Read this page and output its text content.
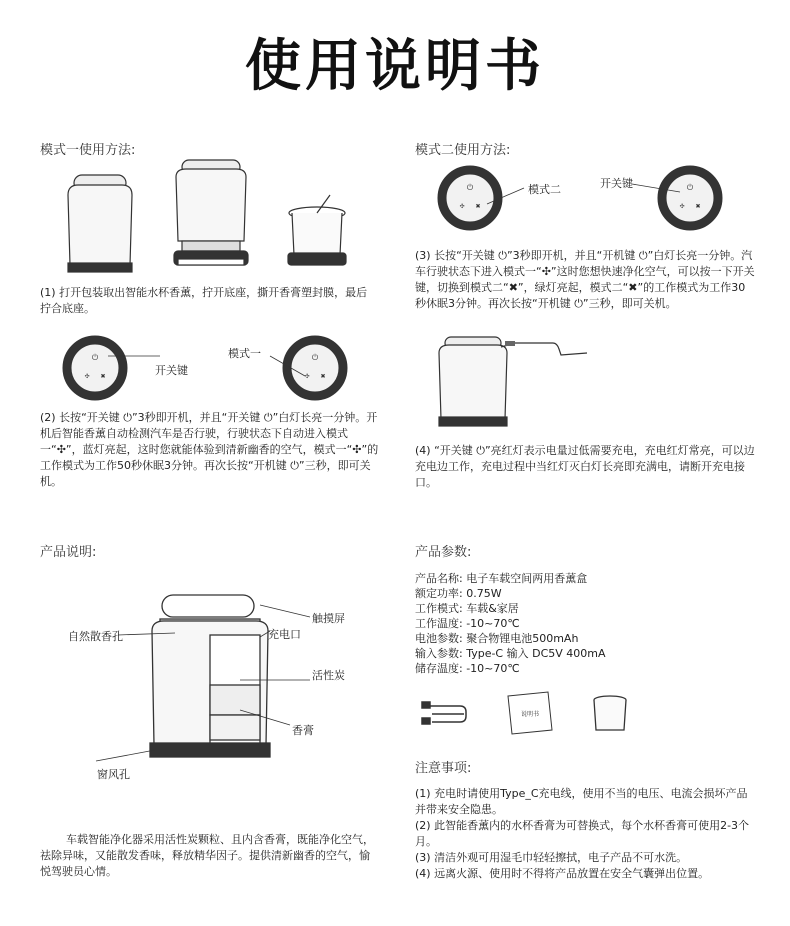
使用说明书
模式一使用方法:
(1) 打开包装取出智能水杯香薰，拧开底座，撕开香膏塑封膜，最后拧合底座。
⏻
✣ ✖
⏻
✣ ✖
开关键
模式一
(2) 长按“开关键 ⏻”3秒即开机，并且“开关键 ⏻”白灯长亮一分钟。开机后智能香薰自动检测汽车是否行驶，行驶状态下自动进入模式一“✣”，蓝灯亮起，这时您就能体验到清新幽香的空气，模式一“✣”的工作模式为工作50秒休眠3分钟。再次长按“开机键 ⏻”三秒，即可关机。
模式二使用方法:
⏻
✣ ✖
⏻
✣ ✖
模式二	开关键
(3) 长按“开关键 ⏻”3秒即开机，并且“开机键 ⏻”白灯长亮一分钟。汽车行驶状态下进入模式一“✣”这时您想快速净化空气，可以按一下开关键，切换到模式二“✖”，绿灯亮起，模式二“✖”的工作模式为工作30秒休眠3分钟。再次长按“开机键 ⏻”三秒，即可关机。
(4) “开关键 ⏻”亮红灯表示电量过低需要充电，充电红灯常亮，可以边充电边工作，充电过程中当红灯灭白灯长亮即充满电，请断开充电接口。
产品说明:
触摸屏
自然散香孔	充电口
活性炭
香膏
窗风孔
车载智能净化器采用活性炭颗粒、且内含香膏，既能净化空气，祛除异味，又能散发香味，释放精华因子。提供清新幽香的空气，愉悦驾驶员心情。
产品参数:
产品名称: 电子车载空间两用香薰盒
额定功率: 0.75W
工作模式: 车载&家居
工作温度: -10~70℃
电池参数: 聚合物锂电池500mAh
输入参数: Type-C 输入 DC5V 400mA
储存温度: -10~70℃
说明书
注意事项:
(1) 充电时请使用Type_C充电线，使用不当的电压、电流会损坏产品并带来安全隐患。
(2) 此智能香薰内的水杯香膏为可替换式，每个水杯香膏可使用2-3个月。
(3) 清洁外观可用湿毛巾轻轻擦拭，电子产品不可水洗。
(4) 远离火源、使用时不得将产品放置在安全气囊弹出位置。
